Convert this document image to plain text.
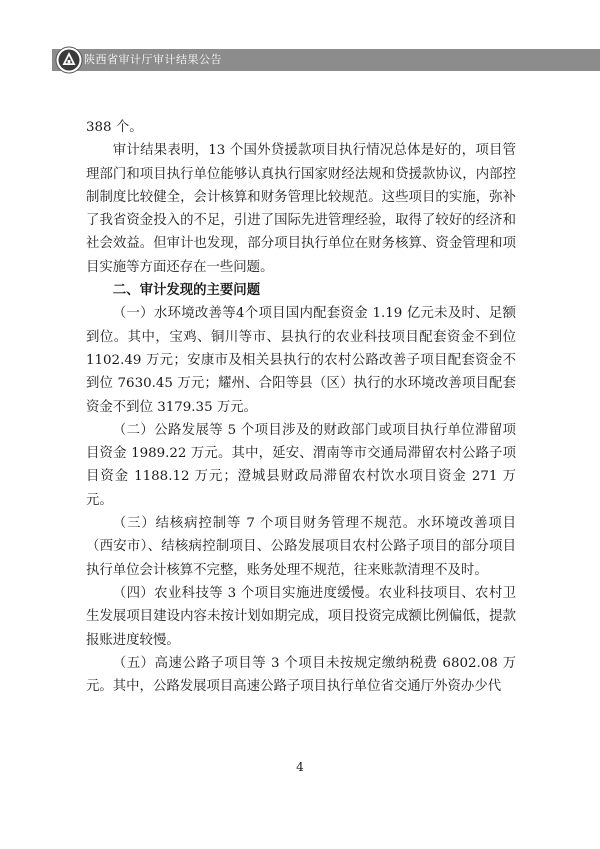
陕西省审计厅审计结果公告

388 个。

审计结果表明，13 个国外贷援款项目执行情况总体是好的，项目管理部门和项目执行单位能够认真执行国家财经法规和贷援款协议，内部控制制度比较健全，会计核算和财务管理比较规范。这些项目的实施，弥补了我省资金投入的不足，引进了国际先进管理经验，取得了较好的经济和社会效益。但审计也发现，部分项目执行单位在财务核算、资金管理和项目实施等方面还存在一些问题。

二、审计发现的主要问题

（一）水环境改善等4个项目国内配套资金 1.19 亿元未及时、足额到位。其中，宝鸡、铜川等市、县执行的农业科技项目配套资金不到位 1102.49 万元；安康市及相关县执行的农村公路改善子项目配套资金不到位 7630.45 万元；耀州、合阳等县（区）执行的水环境改善项目配套资金不到位 3179.35 万元。

（二）公路发展等 5 个项目涉及的财政部门或项目执行单位滞留项目资金 1989.22 万元。其中，延安、渭南等市交通局滞留农村公路子项目资金 1188.12 万元；澄城县财政局滞留农村饮水项目资金 271 万元。

（三）结核病控制等 7 个项目财务管理不规范。水环境改善项目（西安市）、结核病控制项目、公路发展项目农村公路子项目的部分项目执行单位会计核算不完整，账务处理不规范，往来账款清理不及时。

（四）农业科技等 3 个项目实施进度缓慢。农业科技项目、农村卫生发展项目建设内容未按计划如期完成，项目投资完成额比例偏低，提款报账进度较慢。

（五）高速公路子项目等 3 个项目未按规定缴纳税费 6802.08 万元。其中，公路发展项目高速公路子项目执行单位省交通厅外资办少代

4
